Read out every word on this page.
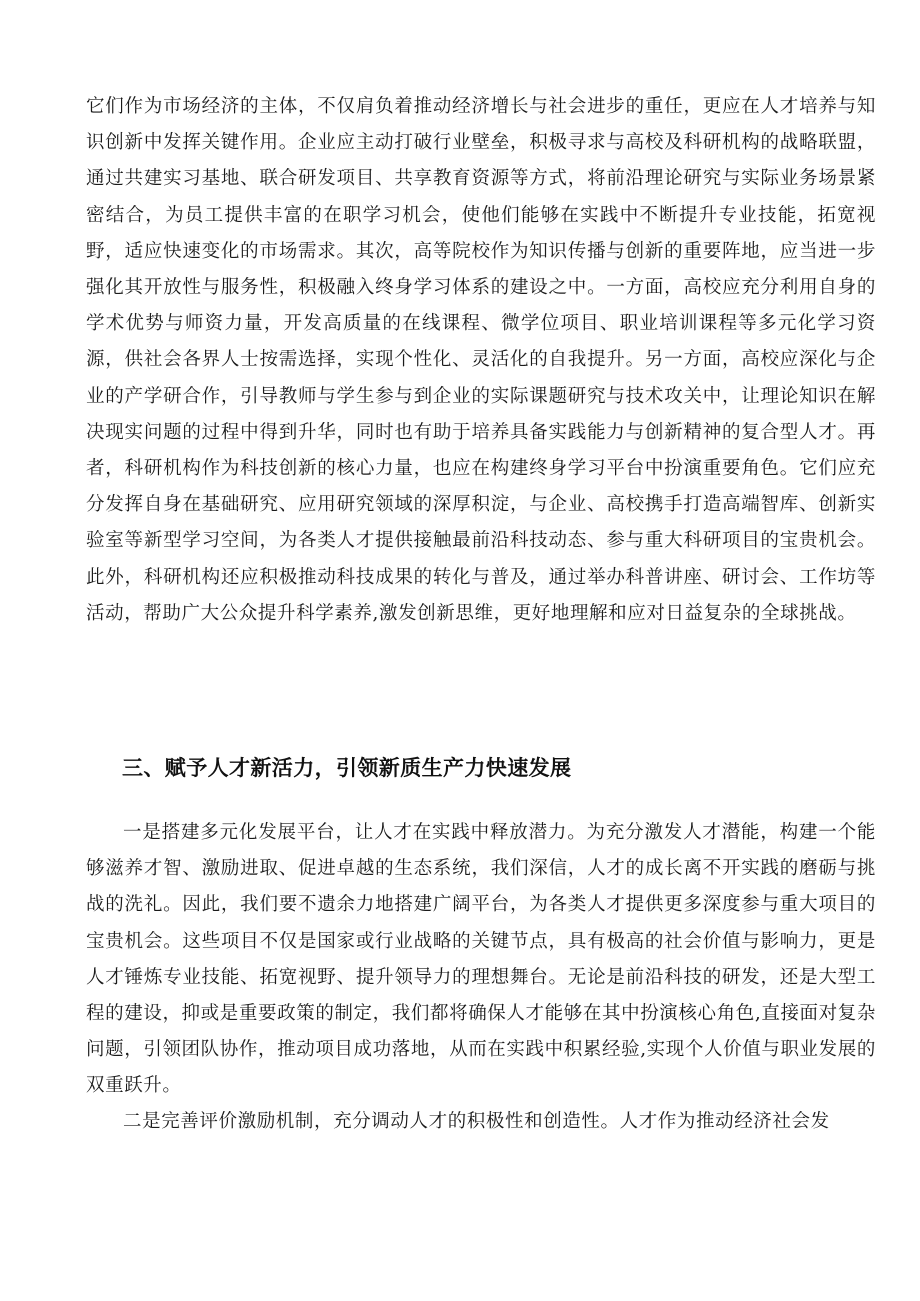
它们作为市场经济的主体，不仅肩负着推动经济增长与社会进步的重任，更应在人才培养与知识创新中发挥关键作用。企业应主动打破行业壁垒，积极寻求与高校及科研机构的战略联盟，通过共建实习基地、联合研发项目、共享教育资源等方式，将前沿理论研究与实际业务场景紧密结合，为员工提供丰富的在职学习机会，使他们能够在实践中不断提升专业技能，拓宽视野，适应快速变化的市场需求。其次，高等院校作为知识传播与创新的重要阵地，应当进一步强化其开放性与服务性，积极融入终身学习体系的建设之中。一方面，高校应充分利用自身的学术优势与师资力量，开发高质量的在线课程、微学位项目、职业培训课程等多元化学习资源，供社会各界人士按需选择，实现个性化、灵活化的自我提升。另一方面，高校应深化与企业的产学研合作，引导教师与学生参与到企业的实际课题研究与技术攻关中，让理论知识在解决现实问题的过程中得到升华，同时也有助于培养具备实践能力与创新精神的复合型人才。再者，科研机构作为科技创新的核心力量，也应在构建终身学习平台中扮演重要角色。它们应充分发挥自身在基础研究、应用研究领域的深厚积淀，与企业、高校携手打造高端智库、创新实验室等新型学习空间，为各类人才提供接触最前沿科技动态、参与重大科研项目的宝贵机会。此外，科研机构还应积极推动科技成果的转化与普及，通过举办科普讲座、研讨会、工作坊等活动，帮助广大公众提升科学素养,激发创新思维，更好地理解和应对日益复杂的全球挑战。

三、赋予人才新活力，引领新质生产力快速发展

一是搭建多元化发展平台，让人才在实践中释放潜力。为充分激发人才潜能，构建一个能够滋养才智、激励进取、促进卓越的生态系统，我们深信，人才的成长离不开实践的磨砺与挑战的洗礼。因此，我们要不遗余力地搭建广阔平台，为各类人才提供更多深度参与重大项目的宝贵机会。这些项目不仅是国家或行业战略的关键节点，具有极高的社会价值与影响力，更是人才锤炼专业技能、拓宽视野、提升领导力的理想舞台。无论是前沿科技的研发，还是大型工程的建设，抑或是重要政策的制定，我们都将确保人才能够在其中扮演核心角色,直接面对复杂问题，引领团队协作，推动项目成功落地，从而在实践中积累经验,实现个人价值与职业发展的双重跃升。

二是完善评价激励机制，充分调动人才的积极性和创造性。人才作为推动经济社会发
